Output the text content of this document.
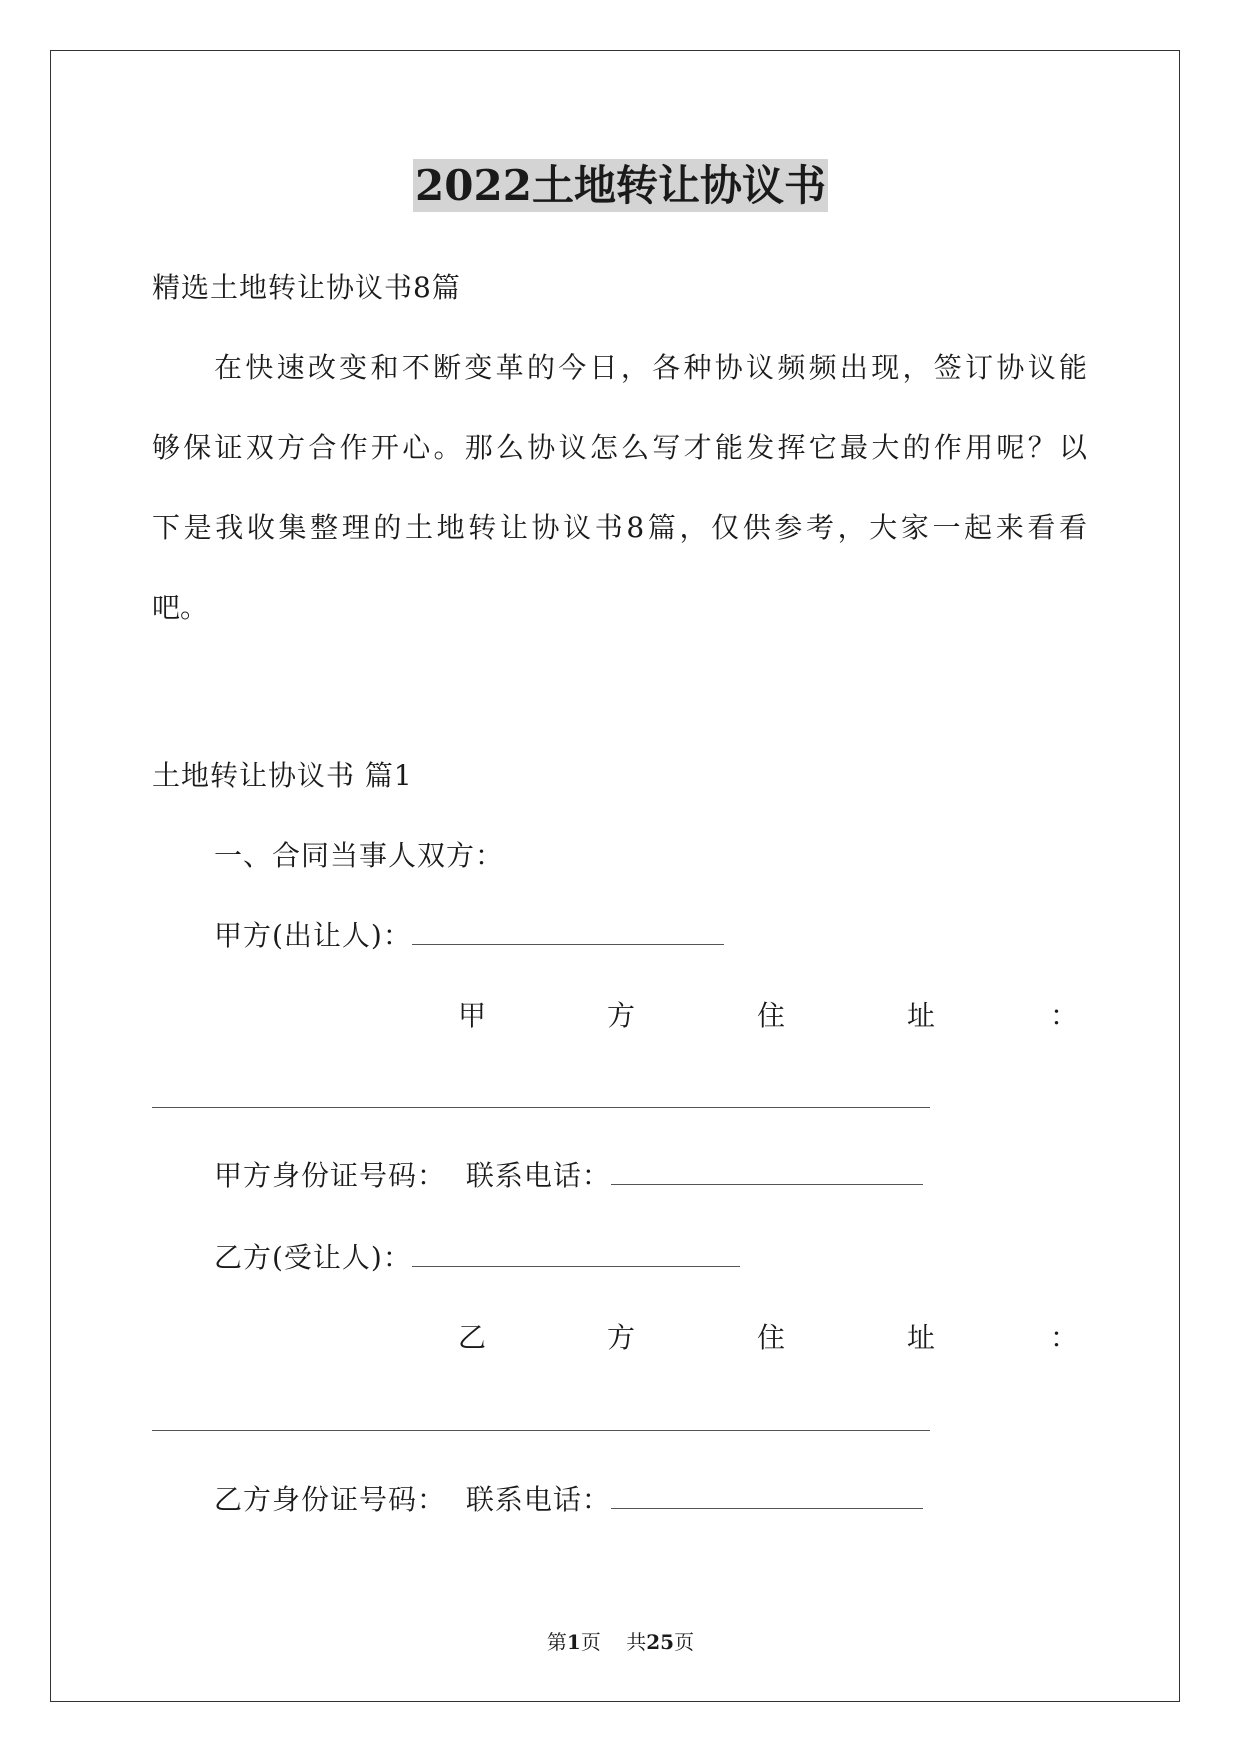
2022土地转让协议书
精选土地转让协议书8篇
在快速改变和不断变革的今日，各种协议频频出现，签订协议能
够保证双方合作开心。那么协议怎么写才能发挥它最大的作用呢？以
下是我收集整理的土地转让协议书8篇，仅供参考，大家一起来看看
吧。
土地转让协议书 篇1
一、合同当事人双方：
甲方(出让人)：
甲	方	住	址	：
甲方身份证号码： 联系电话：
乙方(受让人)：
乙	方	住	址	：
乙方身份证号码： 联系电话：
第1页 共25页
